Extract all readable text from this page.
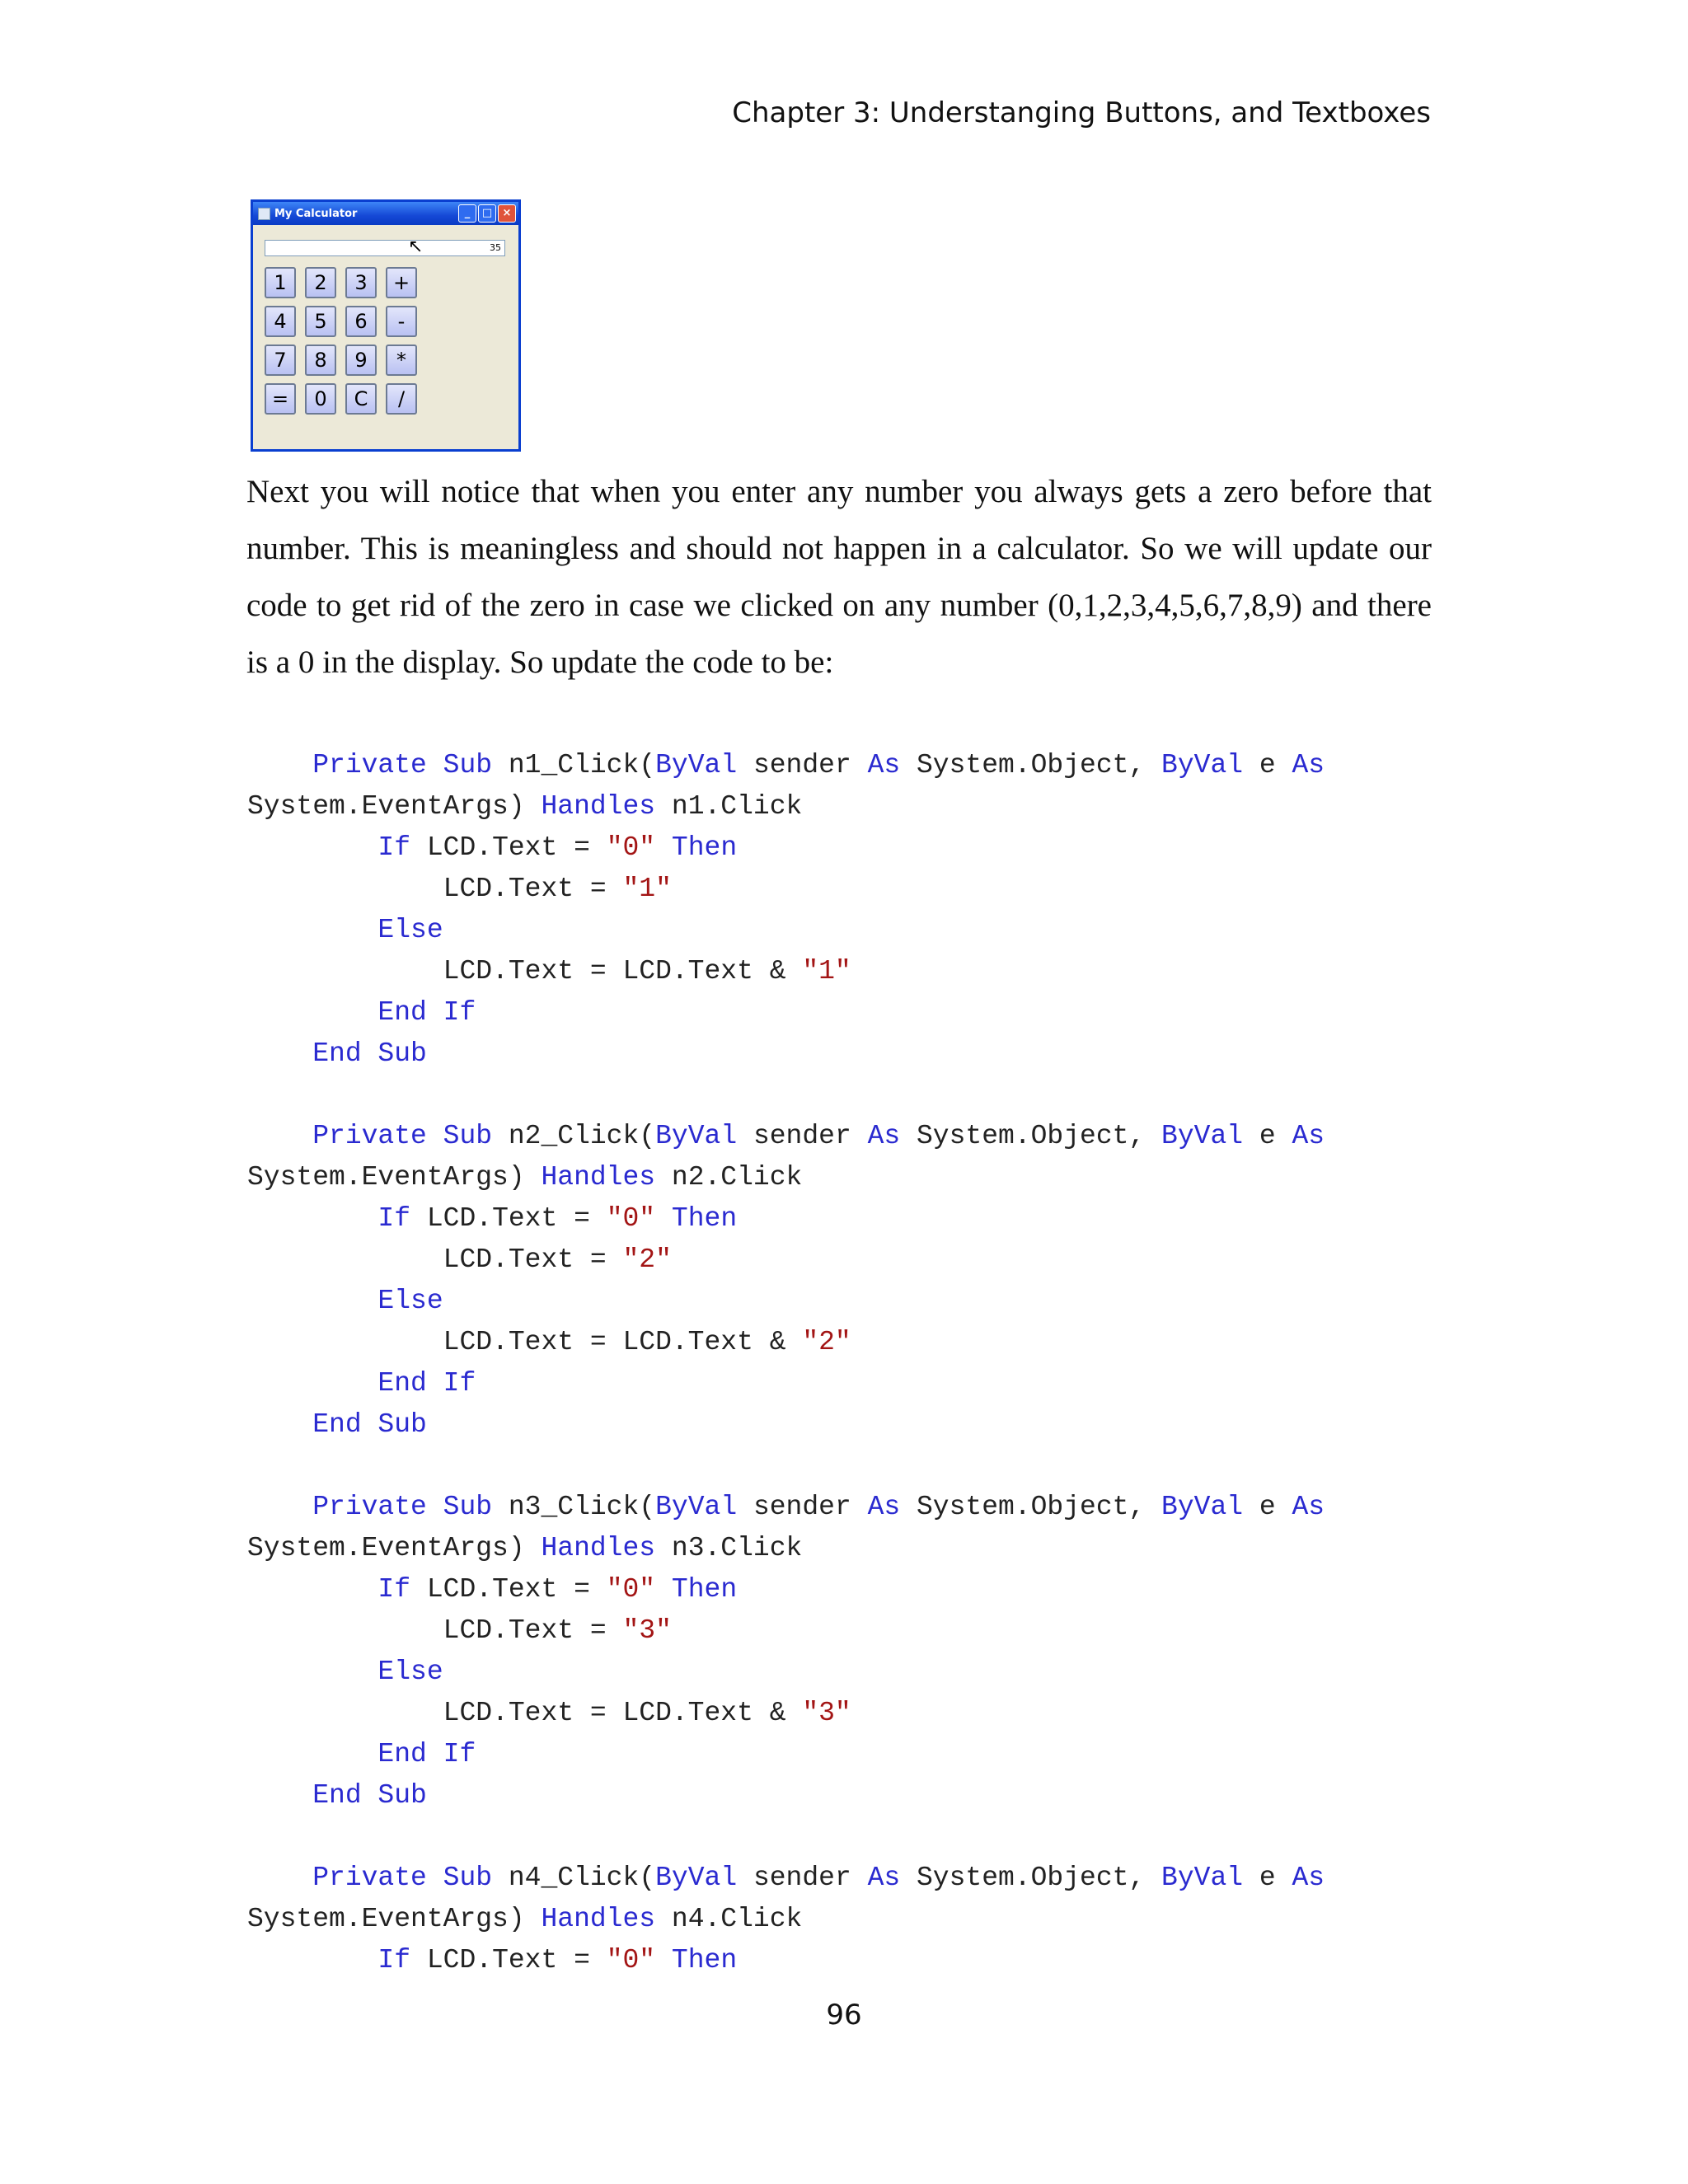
Chapter 3: Understanging Buttons, and Textboxes
My Calculator	_	□ ×
35
↖
1	2	3	+
4	5	6	-
7	8	9	*
=	0	C	/

Next you will notice that when you enter any number you always gets a zero before that number. This is meaningless and should not happen in a calculator. So we will update our code to get rid of the zero in case we clicked on any number (0,1,2,3,4,5,6,7,8,9) and there is a 0 in the display. So update the code to be:

Private Sub n1_Click(ByVal sender As System.Object, ByVal e As
System.EventArgs) Handles n1.Click
If LCD.Text = "0" Then
LCD.Text = "1"
Else
LCD.Text = LCD.Text & "1"
End If
End Sub

Private Sub n2_Click(ByVal sender As System.Object, ByVal e As
System.EventArgs) Handles n2.Click
If LCD.Text = "0" Then
LCD.Text = "2"
Else
LCD.Text = LCD.Text & "2"
End If
End Sub

Private Sub n3_Click(ByVal sender As System.Object, ByVal e As
System.EventArgs) Handles n3.Click
If LCD.Text = "0" Then
LCD.Text = "3"
Else
LCD.Text = LCD.Text & "3"
End If
End Sub

Private Sub n4_Click(ByVal sender As System.Object, ByVal e As
System.EventArgs) Handles n4.Click
If LCD.Text = "0" Then
96
